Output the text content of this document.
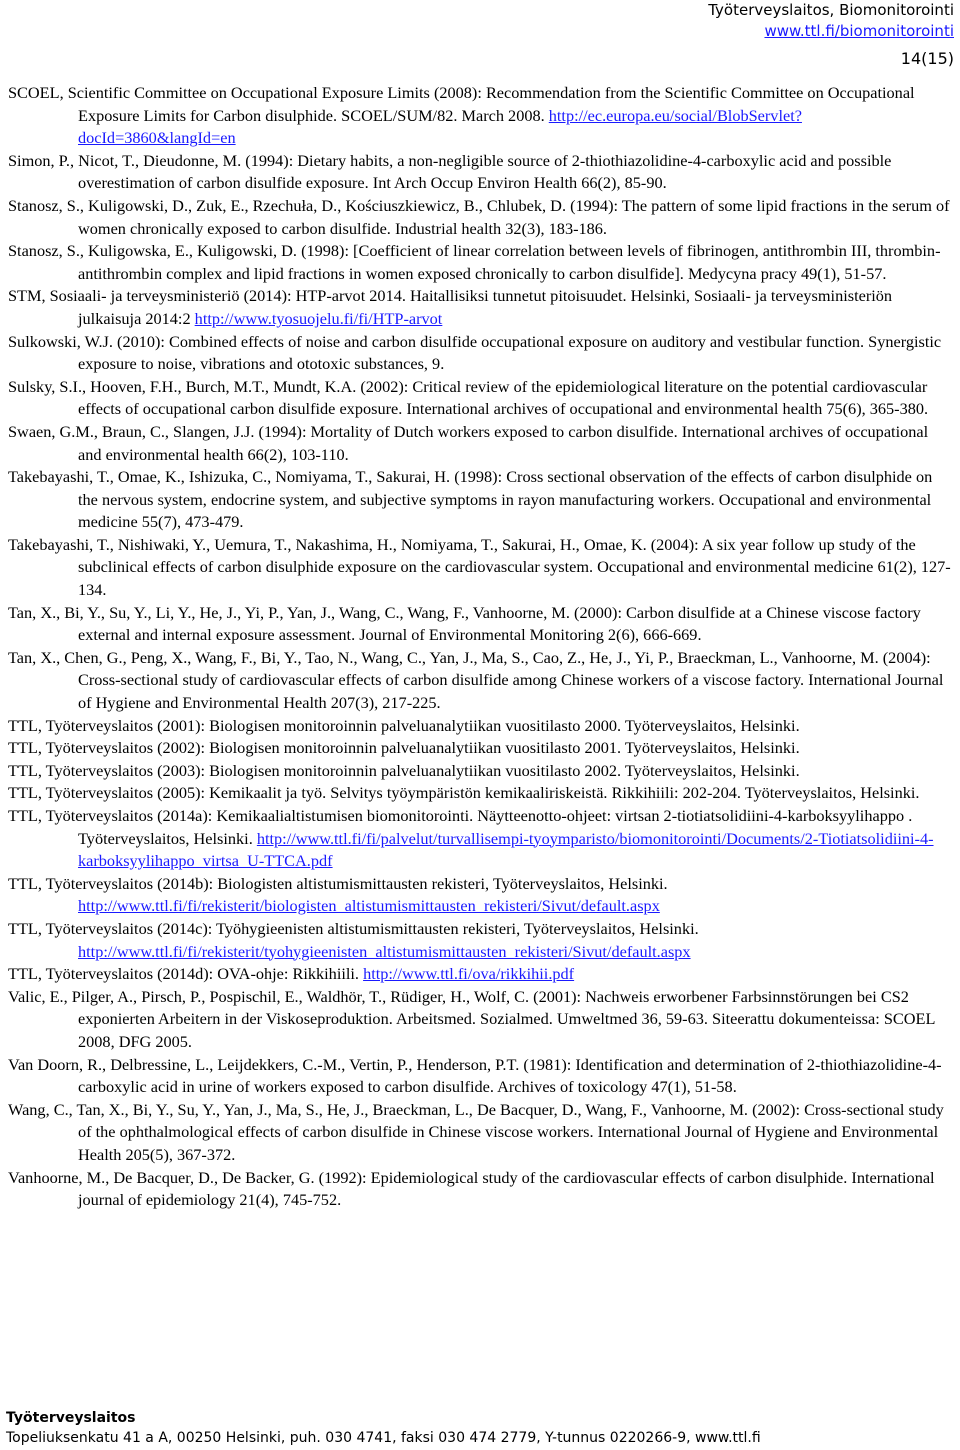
Työterveyslaitos, Biomonitorointi
www.ttl.fi/biomonitorointi
14(15)

SCOEL, Scientific Committee on Occupational Exposure Limits (2008): Recommendation from the Scientific Committee on Occupational Exposure Limits for Carbon disulphide. SCOEL/SUM/82. March 2008. http://ec.europa.eu/social/BlobServlet?docId=3860&langId=en

Simon, P., Nicot, T., Dieudonne, M. (1994): Dietary habits, a non-negligible source of 2-thiothiazolidine-4-carboxylic acid and possible overestimation of carbon disulfide exposure. Int Arch Occup Environ Health 66(2), 85-90.

Stanosz, S., Kuligowski, D., Zuk, E., Rzechuła, D., Kościuszkiewicz, B., Chlubek, D. (1994): The pattern of some lipid fractions in the serum of women chronically exposed to carbon disulfide. Industrial health 32(3), 183-186.

Stanosz, S., Kuligowska, E., Kuligowski, D. (1998): [Coefficient of linear correlation between levels of fibrinogen, antithrombin III, thrombin-antithrombin complex and lipid fractions in women exposed chronically to carbon disulfide]. Medycyna pracy 49(1), 51-57.

STM, Sosiaali- ja terveysministeriö (2014): HTP-arvot 2014. Haitallisiksi tunnetut pitoisuudet. Helsinki, Sosiaali- ja terveysministeriön julkaisuja 2014:2 http://www.tyosuojelu.fi/fi/HTP-arvot

Sulkowski, W.J. (2010): Combined effects of noise and carbon disulfide occupational exposure on auditory and vestibular function. Synergistic exposure to noise, vibrations and ototoxic substances, 9.

Sulsky, S.I., Hooven, F.H., Burch, M.T., Mundt, K.A. (2002): Critical review of the epidemiological literature on the potential cardiovascular effects of occupational carbon disulfide exposure. International archives of occupational and environmental health 75(6), 365-380.

Swaen, G.M., Braun, C., Slangen, J.J. (1994): Mortality of Dutch workers exposed to carbon disulfide. International archives of occupational and environmental health 66(2), 103-110.

Takebayashi, T., Omae, K., Ishizuka, C., Nomiyama, T., Sakurai, H. (1998): Cross sectional observation of the effects of carbon disulphide on the nervous system, endocrine system, and subjective symptoms in rayon manufacturing workers. Occupational and environmental medicine 55(7), 473-479.

Takebayashi, T., Nishiwaki, Y., Uemura, T., Nakashima, H., Nomiyama, T., Sakurai, H., Omae, K. (2004): A six year follow up study of the subclinical effects of carbon disulphide exposure on the cardiovascular system. Occupational and environmental medicine 61(2), 127-134.

Tan, X., Bi, Y., Su, Y., Li, Y., He, J., Yi, P., Yan, J., Wang, C., Wang, F., Vanhoorne, M. (2000): Carbon disulfide at a Chinese viscose factory external and internal exposure assessment. Journal of Environmental Monitoring 2(6), 666-669.

Tan, X., Chen, G., Peng, X., Wang, F., Bi, Y., Tao, N., Wang, C., Yan, J., Ma, S., Cao, Z., He, J., Yi, P., Braeckman, L., Vanhoorne, M. (2004): Cross-sectional study of cardiovascular effects of carbon disulfide among Chinese workers of a viscose factory. International Journal of Hygiene and Environmental Health 207(3), 217-225.

TTL, Työterveyslaitos (2001): Biologisen monitoroinnin palveluanalytiikan vuositilasto 2000. Työterveyslaitos, Helsinki.

TTL, Työterveyslaitos (2002): Biologisen monitoroinnin palveluanalytiikan vuositilasto 2001. Työterveyslaitos, Helsinki.

TTL, Työterveyslaitos (2003): Biologisen monitoroinnin palveluanalytiikan vuositilasto 2002. Työterveyslaitos, Helsinki.

TTL, Työterveyslaitos (2005): Kemikaalit ja työ. Selvitys työympäristön kemikaaliriskeistä. Rikkihiili: 202-204. Työterveyslaitos, Helsinki.

TTL, Työterveyslaitos (2014a): Kemikaalialtistumisen biomonitorointi. Näytteenotto-ohjeet: virtsan 2-tiotiatsolidiini-4-karboksyylihappo . Työterveyslaitos, Helsinki. http://www.ttl.fi/fi/palvelut/turvallisempi-tyoymparisto/biomonitorointi/Documents/2-Tiotiatsolidiini-4-karboksyylihappo_virtsa_U-TTCA.pdf

TTL, Työterveyslaitos (2014b): Biologisten altistumismittausten rekisteri, Työterveyslaitos, Helsinki. http://www.ttl.fi/fi/rekisterit/biologisten_altistumismittausten_rekisteri/Sivut/default.aspx

TTL, Työterveyslaitos (2014c): Työhygieenisten altistumismittausten rekisteri, Työterveyslaitos, Helsinki. http://www.ttl.fi/fi/rekisterit/tyohygieenisten_altistumismittausten_rekisteri/Sivut/default.aspx

TTL, Työterveyslaitos (2014d): OVA-ohje: Rikkihiili. http://www.ttl.fi/ova/rikkihii.pdf

Valic, E., Pilger, A., Pirsch, P., Pospischil, E., Waldhör, T., Rüdiger, H., Wolf, C. (2001): Nachweis erworbener Farbsinnstörungen bei CS2 exponierten Arbeitern in der Viskoseproduktion. Arbeitsmed. Sozialmed. Umweltmed 36, 59-63. Siteerattu dokumenteissa: SCOEL 2008, DFG 2005.

Van Doorn, R., Delbressine, L., Leijdekkers, C.-M., Vertin, P., Henderson, P.T. (1981): Identification and determination of 2-thiothiazolidine-4-carboxylic acid in urine of workers exposed to carbon disulfide. Archives of toxicology 47(1), 51-58.

Wang, C., Tan, X., Bi, Y., Su, Y., Yan, J., Ma, S., He, J., Braeckman, L., De Bacquer, D., Wang, F., Vanhoorne, M. (2002): Cross-sectional study of the ophthalmological effects of carbon disulfide in Chinese viscose workers. International Journal of Hygiene and Environmental Health 205(5), 367-372.

Vanhoorne, M., De Bacquer, D., De Backer, G. (1992): Epidemiological study of the cardiovascular effects of carbon disulphide. International journal of epidemiology 21(4), 745-752.

Työterveyslaitos
Topeliuksenkatu 41 a A, 00250 Helsinki, puh. 030 4741, faksi 030 474 2779, Y-tunnus 0220266-9, www.ttl.fi
